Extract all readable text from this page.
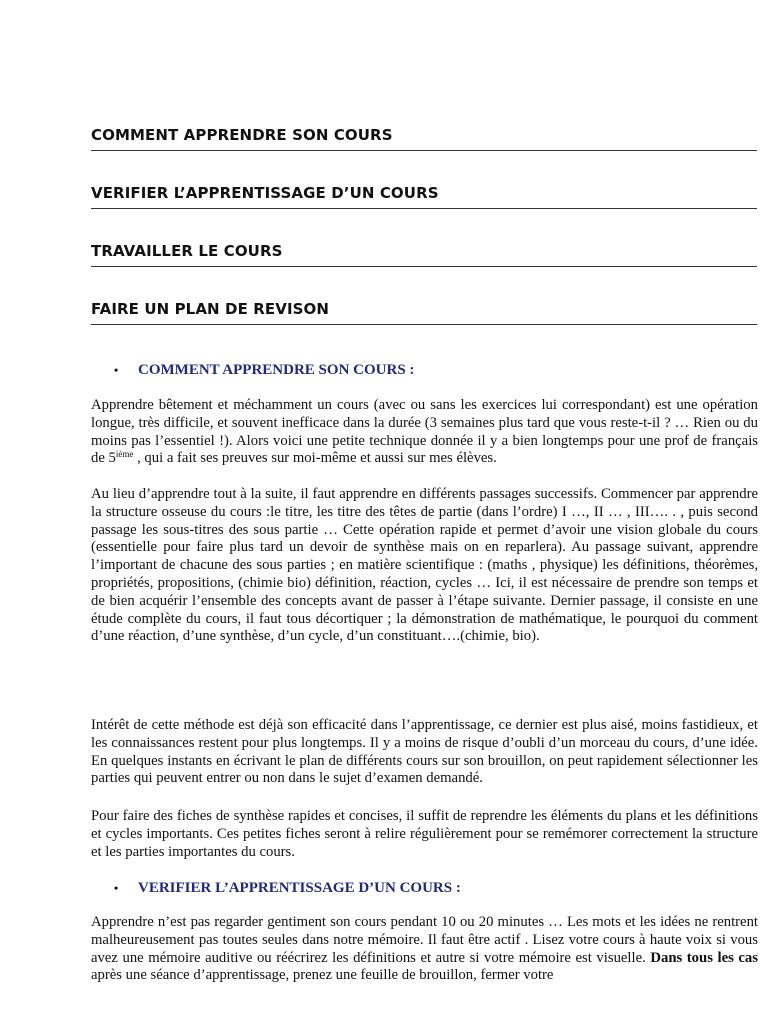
COMMENT APPRENDRE SON COURS
VERIFIER L’APPRENTISSAGE D’UN COURS
TRAVAILLER LE COURS
FAIRE UN PLAN DE REVISON
• COMMENT APPRENDRE SON COURS :
Apprendre bêtement et méchamment un cours (avec ou sans les exercices lui correspondant) est une opération longue, très difficile, et souvent inefficace dans la durée (3 semaines plus tard que vous reste-t-il ? … Rien ou du moins pas l’essentiel !). Alors voici une petite technique donnée il y a bien longtemps pour une prof de français de 5ième , qui a fait ses preuves sur moi-même et aussi sur mes élèves.
Au lieu d’apprendre tout à la suite, il faut apprendre en différents passages successifs. Commencer par apprendre la structure osseuse du cours :le titre, les titre des têtes de partie (dans l’ordre) I …, II … , III…. . , puis second passage les sous-titres des sous partie … Cette opération rapide et permet d’avoir une vision globale du cours (essentielle pour faire plus tard un devoir de synthèse mais on en reparlera). Au passage suivant, apprendre l’important de chacune des sous parties ; en matière scientifique : (maths , physique) les définitions, théorèmes, propriétés, propositions, (chimie bio) définition, réaction, cycles … Ici, il est nécessaire de prendre son temps et de bien acquérir l’ensemble des concepts avant de passer à l’étape suivante. Dernier passage, il consiste en une étude complète du cours, il faut tous décortiquer ; la démonstration de mathématique, le pourquoi du comment d’une réaction, d’une synthèse, d’un cycle, d’un constituant….(chimie, bio).
Intérêt de cette méthode est déjà son efficacité dans l’apprentissage, ce dernier est plus aisé, moins fastidieux, et les connaissances restent pour plus longtemps. Il y a moins de risque d’oubli d’un morceau du cours, d’une idée. En quelques instants en écrivant le plan de différents cours sur son brouillon, on peut rapidement sélectionner les parties qui peuvent entrer ou non dans le sujet d’examen demandé.
Pour faire des fiches de synthèse rapides et concises, il suffit de reprendre les éléments du plans et les définitions et cycles importants. Ces petites fiches seront à relire régulièrement pour se remémorer correctement la structure et les parties importantes du cours.
• VERIFIER L’APPRENTISSAGE D’UN COURS :
Apprendre n’est pas regarder gentiment son cours pendant 10 ou 20 minutes … Les mots et les idées ne rentrent malheureusement pas toutes seules dans notre mémoire. Il faut être actif . Lisez votre cours à haute voix si vous avez une mémoire auditive ou réécrirez les définitions et autre si votre mémoire est visuelle. Dans tous les cas après une séance d’apprentissage, prenez une feuille de brouillon, fermer votre
